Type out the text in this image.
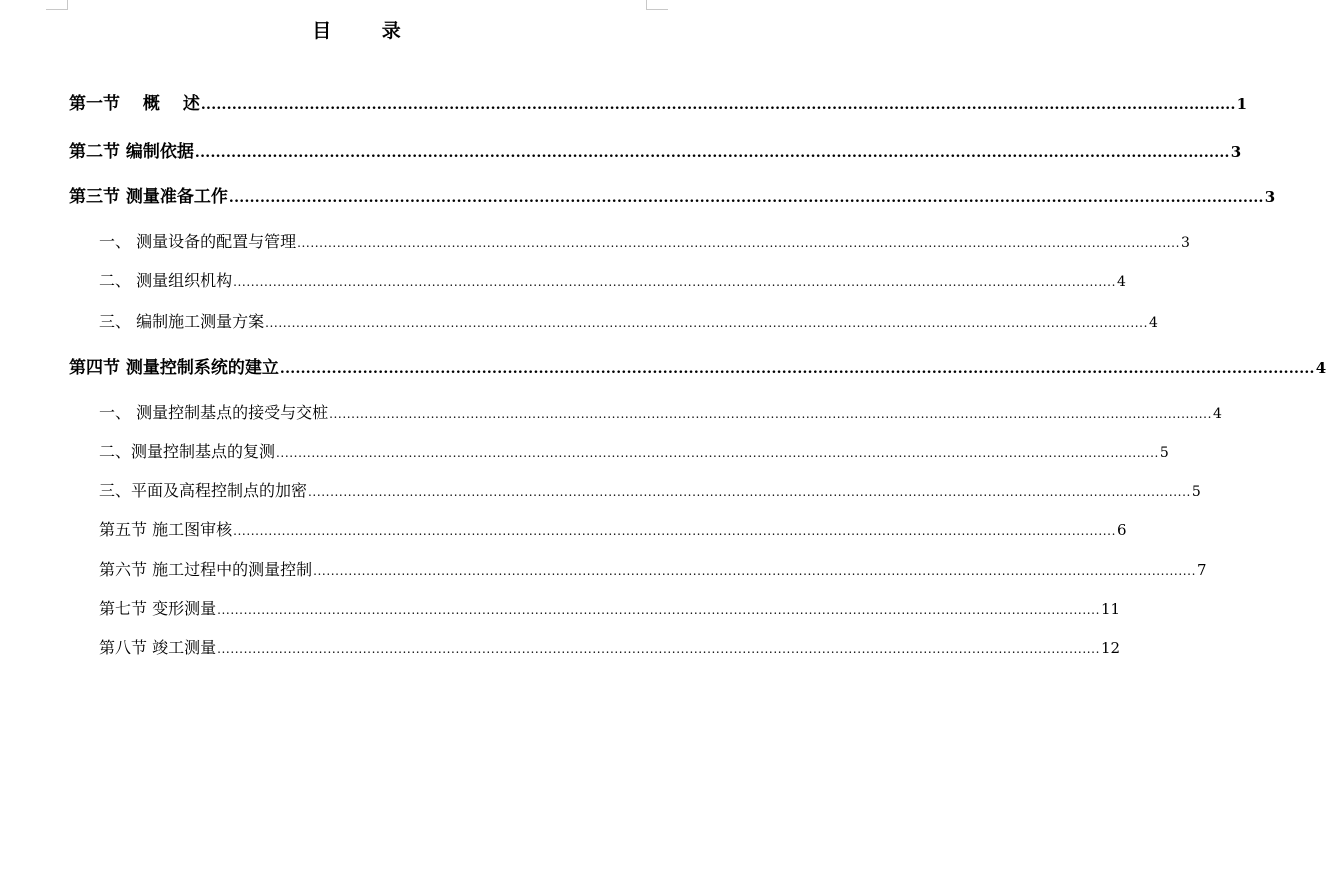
目 录
第一节　 概　 述 ........................................................................................................................................................................................................ 1
第二节 编制依据 ........................................................................................................................................................................................................ 3
第三节 测量准备工作 ........................................................................................................................................................................................................ 3
一、 测量设备的配置与管理 ........................................................................................................................................................................................................ 3
二、 测量组织机构 ........................................................................................................................................................................................................ 4
三、 编制施工测量方案 ........................................................................................................................................................................................................ 4
第四节 测量控制系统的建立 ........................................................................................................................................................................................................ 4
一、 测量控制基点的接受与交桩 ........................................................................................................................................................................................................ 4
二、测量控制基点的复测 ........................................................................................................................................................................................................ 5
三、平面及高程控制点的加密 ........................................................................................................................................................................................................ 5
第五节 施工图审核 ........................................................................................................................................................................................................ 6
第六节 施工过程中的测量控制 ........................................................................................................................................................................................................ 7
第七节 变形测量 ........................................................................................................................................................................................................ 11
第八节 竣工测量 ........................................................................................................................................................................................................ 12
